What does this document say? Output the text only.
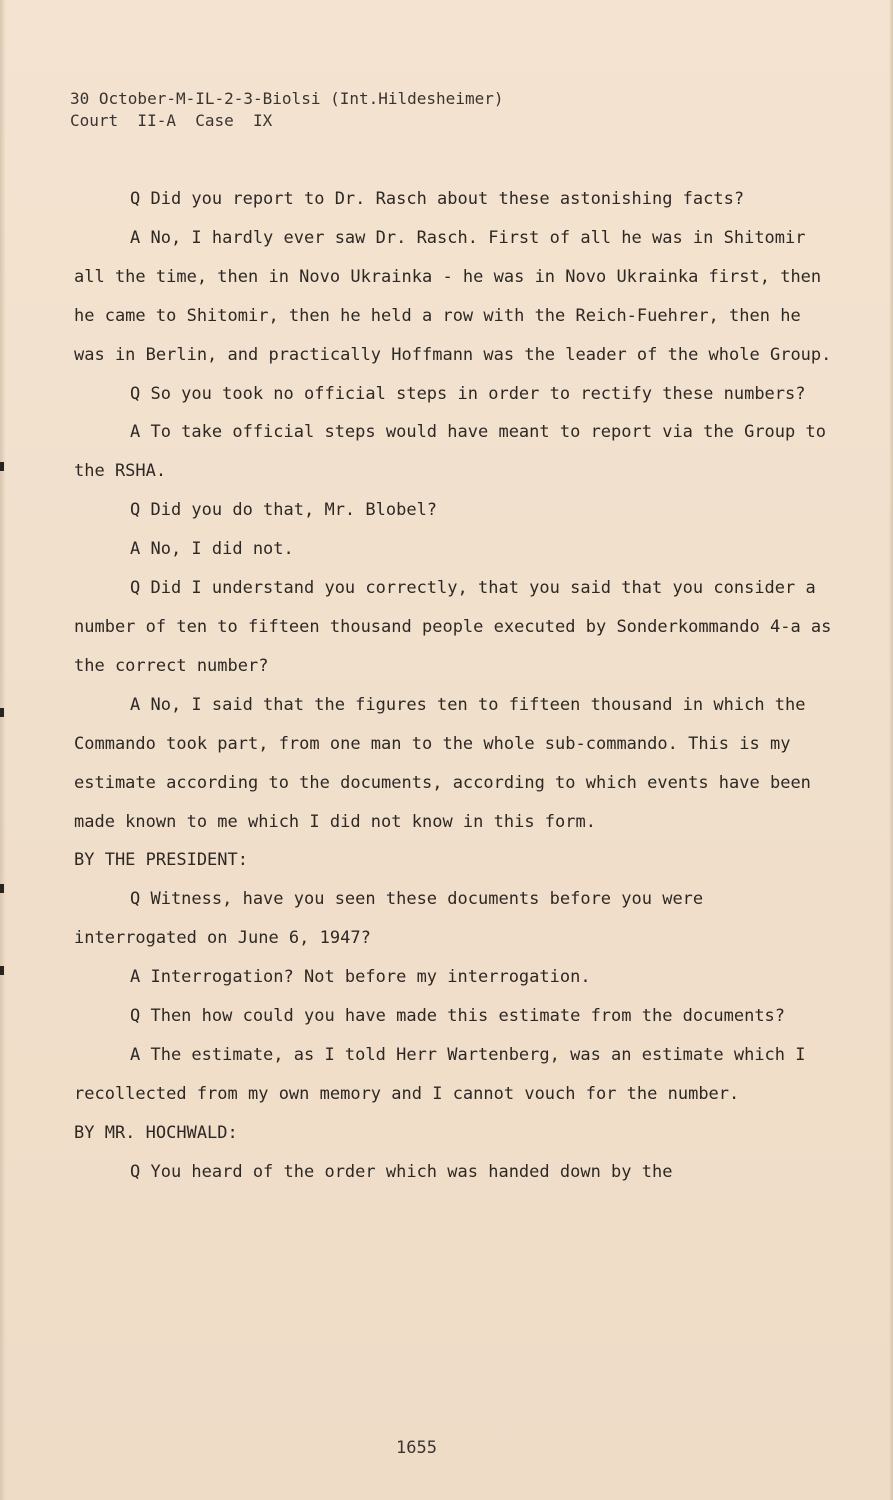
30 October-M-IL-2-3-Biolsi (Int.Hildesheimer)
Court  II-A  Case  IX

Q Did you report to Dr. Rasch about these astonishing facts?

A No, I hardly ever saw Dr. Rasch. First of all he was in Shitomir all the time, then in Novo Ukrainka - he was in Novo Ukrainka first, then he came to Shitomir, then he held a row with the Reich-Fuehrer, then he was in Berlin, and practically Hoffmann was the leader of the whole Group.

Q So you took no official steps in order to rectify these numbers?

A To take official steps would have meant to report via the Group to the RSHA.

Q Did you do that, Mr. Blobel?

A No, I did not.

Q Did I understand you correctly, that you said that you consider a number of ten to fifteen thousand people executed by Sonderkommando 4-a as the correct number?

A No, I said that the figures ten to fifteen thousand in which the Commando took part, from one man to the whole sub-commando. This is my estimate according to the documents, according to which events have been made known to me which I did not know in this form.

BY THE PRESIDENT:

Q Witness, have you seen these documents before you were interrogated on June 6, 1947?

A Interrogation? Not before my interrogation.

Q Then how could you have made this estimate from the documents?

A The estimate, as I told Herr Wartenberg, was an estimate which I recollected from my own memory and I cannot vouch for the number.

BY MR. HOCHWALD:

Q You heard of the order which was handed down by the

1655
